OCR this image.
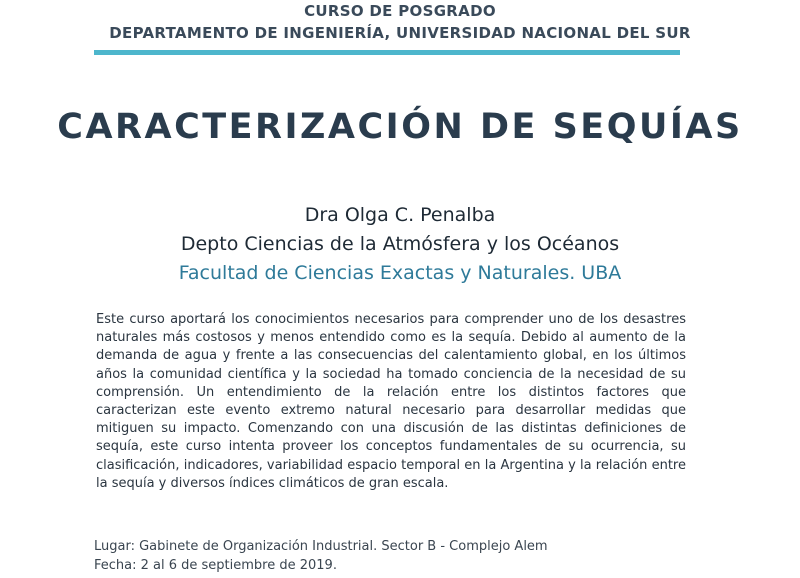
CURSO DE POSGRADO
DEPARTAMENTO DE INGENIERÍA, UNIVERSIDAD NACIONAL DEL SUR
CARACTERIZACIÓN DE SEQUÍAS
Dra Olga C. Penalba
Depto Ciencias de la Atmósfera y los Océanos
Facultad de Ciencias Exactas y Naturales. UBA
Este curso aportará los conocimientos necesarios para comprender uno de los desastres naturales más costosos y menos entendido como es la sequía. Debido al aumento de la demanda de agua y frente a las consecuencias del calentamiento global, en los últimos años la comunidad científica y la sociedad ha tomado conciencia de la necesidad de su comprensión. Un entendimiento de la relación entre los distintos factores que caracterizan este evento extremo natural necesario para desarrollar medidas que mitiguen su impacto. Comenzando con una discusión de las distintas definiciones de sequía, este curso intenta proveer los conceptos fundamentales de su ocurrencia, su clasificación, indicadores, variabilidad espacio temporal en la Argentina y la relación entre la sequía y diversos índices climáticos de gran escala.
Lugar: Gabinete de Organización Industrial. Sector B - Complejo Alem
Fecha: 2 al 6 de septiembre de 2019.
